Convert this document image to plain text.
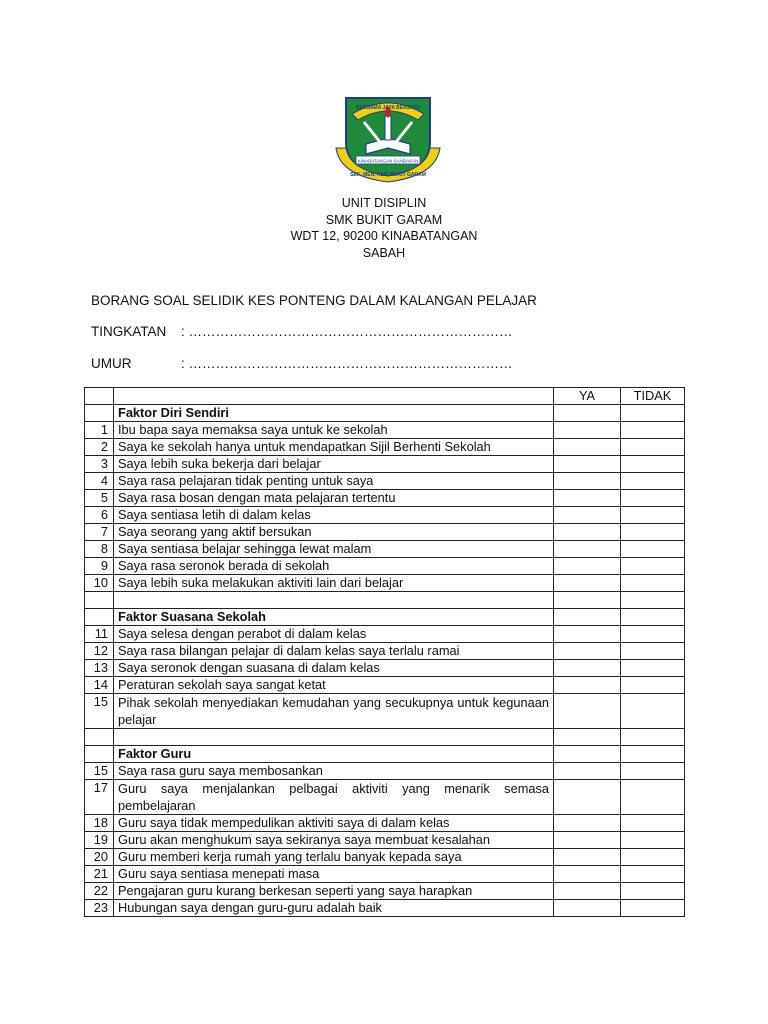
KINABATANGAN SANDAKAN
BERSAMA JAYA BERSATU
SEK. MEN. KEB. BUKIT GARAM
UNIT DISIPLIN
SMK BUKIT GARAM
WDT 12, 90200 KINABATANGAN
SABAH
BORANG SOAL SELIDIK KES PONTENG DALAM KALANGAN PELAJAR
TINGKATAN : ………………………………………………………………
UMUR	: ………………………………………………………………
		YA	TIDAK
	Faktor Diri Sendiri		
1	Ibu bapa saya memaksa saya untuk ke sekolah		
2	Saya ke sekolah hanya untuk mendapatkan Sijil Berhenti Sekolah		
3	Saya lebih suka bekerja dari belajar		
4	Saya rasa pelajaran tidak penting untuk saya		
5	Saya rasa bosan dengan mata pelajaran tertentu		
6	Saya sentiasa letih di dalam kelas		
7	Saya seorang yang aktif bersukan		
8	Saya sentiasa belajar sehingga lewat malam		
9	Saya rasa seronok berada di sekolah		
10	Saya lebih suka melakukan aktiviti lain dari belajar		

	Faktor Suasana Sekolah		
11	Saya selesa dengan perabot di dalam kelas		
12	Saya rasa bilangan pelajar di dalam kelas saya terlalu ramai		
13	Saya seronok dengan suasana di dalam kelas		
14	Peraturan sekolah saya sangat ketat		
15	Pihak sekolah menyediakan kemudahan yang secukupnya untuk kegunaan pelajar		

	Faktor Guru		
15	Saya rasa guru saya membosankan		
17	Guru saya menjalankan pelbagai aktiviti yang menarik semasa pembelajaran		
18	Guru saya tidak mempedulikan aktiviti saya di dalam kelas		
19	Guru akan menghukum saya sekiranya saya membuat kesalahan		
20	Guru memberi kerja rumah yang terlalu banyak kepada saya		
21	Guru saya sentiasa menepati masa		
22	Pengajaran guru kurang berkesan seperti yang saya harapkan		
23	Hubungan saya dengan guru-guru adalah baik		
